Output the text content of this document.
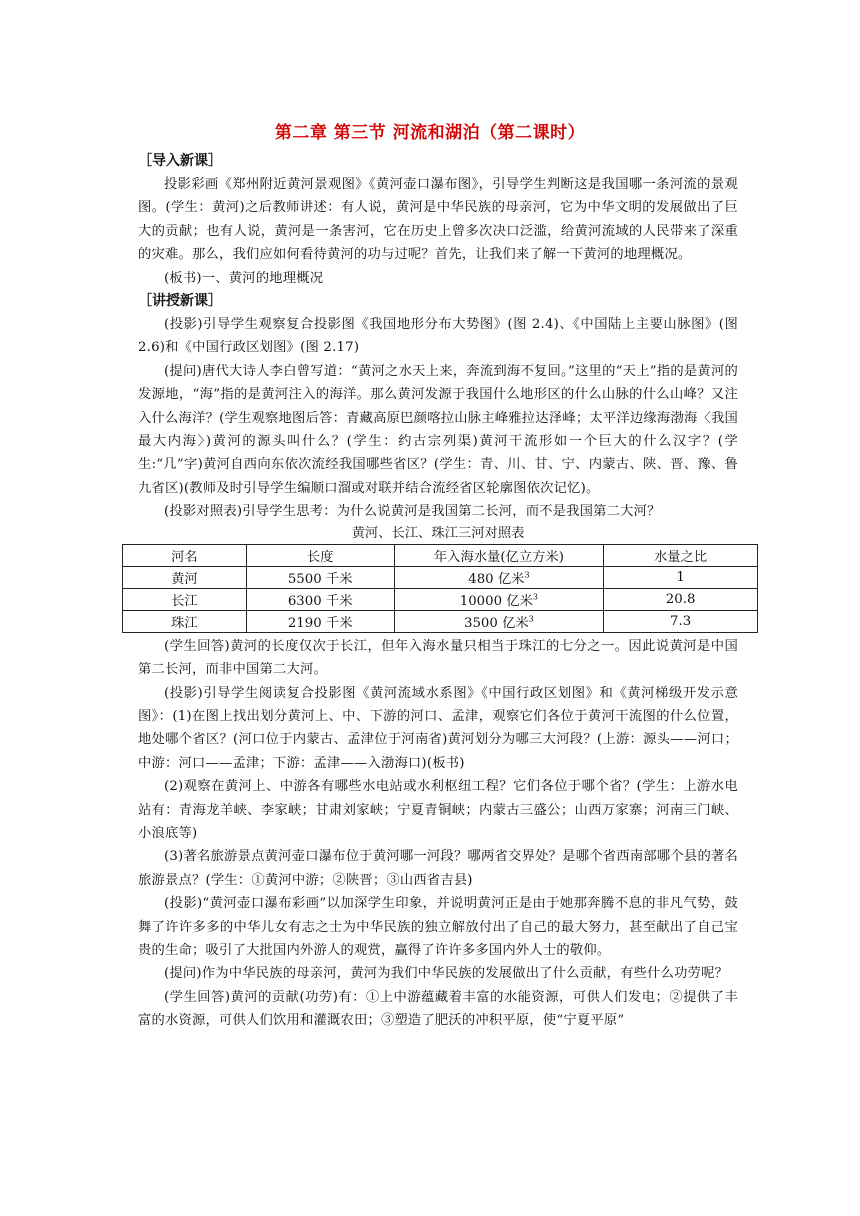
第二章 第三节 河流和湖泊（第二课时）

［导入新课］

投影彩画《郑州附近黄河景观图》《黄河壶口瀑布图》，引导学生判断这是我国哪一条河流的景观图。(学生：黄河)之后教师讲述：有人说，黄河是中华民族的母亲河，它为中华文明的发展做出了巨大的贡献；也有人说，黄河是一条害河，它在历史上曾多次决口泛滥，给黄河流域的人民带来了深重的灾难。那么，我们应如何看待黄河的功与过呢？首先，让我们来了解一下黄河的地理概况。

(板书)一、黄河的地理概况

［讲授新课］

(投影)引导学生观察复合投影图《我国地形分布大势图》(图 2.4)、《中国陆上主要山脉图》(图 2.6)和《中国行政区划图》(图 2.17)

(提问)唐代大诗人李白曾写道：“黄河之水天上来，奔流到海不复回。”这里的“天上”指的是黄河的发源地，“海”指的是黄河注入的海洋。那么黄河发源于我国什么地形区的什么山脉的什么山峰？又注入什么海洋？(学生观察地图后答：青藏高原巴颜喀拉山脉主峰雅拉达泽峰；太平洋边缘海渤海〈我国最大内海〉)黄河的源头叫什么？(学生：约古宗列渠)黄河干流形如一个巨大的什么汉字？(学生:“几”字)黄河自西向东依次流经我国哪些省区？(学生：青、川、甘、宁、内蒙古、陕、晋、豫、鲁九省区)(教师及时引导学生编顺口溜或对联并结合流经省区轮廓图依次记忆)。

(投影对照表)引导学生思考：为什么说黄河是我国第二长河，而不是我国第二大河？

黄河、长江、珠江三河对照表

河名	长度	年入海水量(亿立方米)	水量之比
黄河	5500 千米	480 亿米$^3$	1
长江	6300 千米	10000 亿米$^3$	20.8
珠江	2190 千米	3500 亿米$^3$	7.3

(学生回答)黄河的长度仅次于长江，但年入海水量只相当于珠江的七分之一。因此说黄河是中国第二长河，而非中国第二大河。

(投影)引导学生阅读复合投影图《黄河流域水系图》《中国行政区划图》和《黄河梯级开发示意图》：(1)在图上找出划分黄河上、中、下游的河口、孟津，观察它们各位于黄河干流图的什么位置，地处哪个省区？(河口位于内蒙古、孟津位于河南省)黄河划分为哪三大河段？(上游：源头——河口；中游：河口——孟津；下游：孟津——入渤海口)(板书)

(2)观察在黄河上、中游各有哪些水电站或水利枢纽工程？它们各位于哪个省？(学生：上游水电站有：青海龙羊峡、李家峡；甘肃刘家峡；宁夏青铜峡；内蒙古三盛公；山西万家寨；河南三门峡、小浪底等)

(3)著名旅游景点黄河壶口瀑布位于黄河哪一河段？哪两省交界处？是哪个省西南部哪个县的著名旅游景点？(学生：①黄河中游；②陕晋；③山西省吉县)

(投影)“黄河壶口瀑布彩画”以加深学生印象，并说明黄河正是由于她那奔腾不息的非凡气势，鼓舞了许许多多的中华儿女有志之士为中华民族的独立解放付出了自己的最大努力，甚至献出了自己宝贵的生命；吸引了大批国内外游人的观赏，赢得了许许多多国内外人士的敬仰。

(提问)作为中华民族的母亲河，黄河为我们中华民族的发展做出了什么贡献，有些什么功劳呢？

(学生回答)黄河的贡献(功劳)有：①上中游蕴藏着丰富的水能资源，可供人们发电；②提供了丰富的水资源，可供人们饮用和灌溉农田；③塑造了肥沃的冲积平原，使“宁夏平原”
